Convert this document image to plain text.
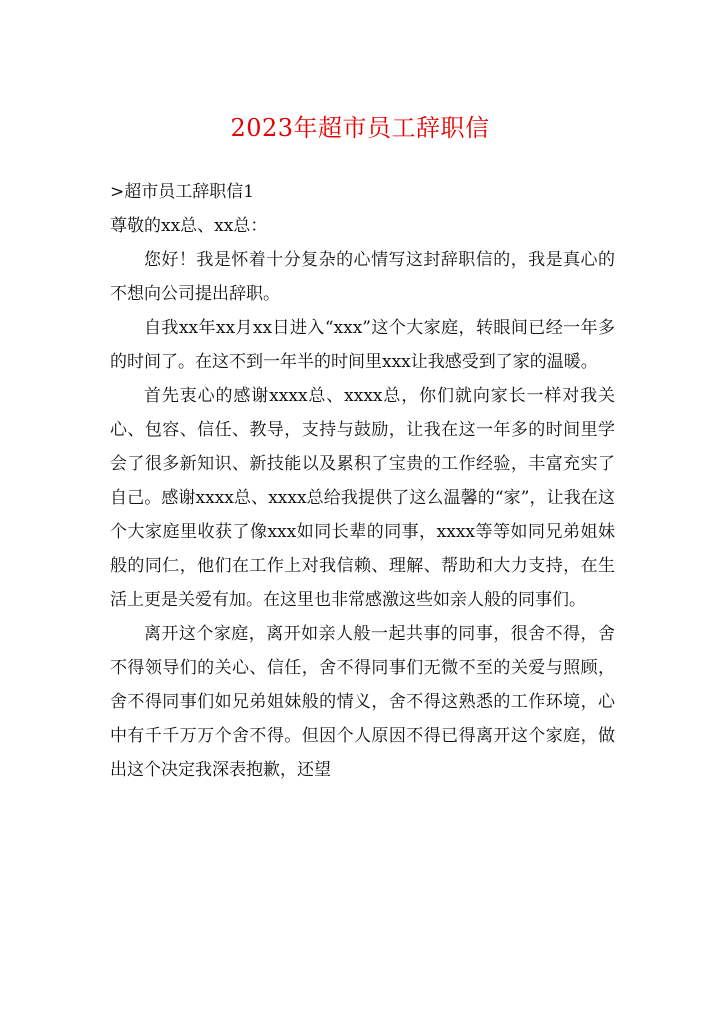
2023年超市员工辞职信

>超市员工辞职信1

尊敬的xx总、xx总：

您好！我是怀着十分复杂的心情写这封辞职信的，我是真心的不想向公司提出辞职。

自我xx年xx月xx日进入“xxx”这个大家庭，转眼间已经一年多的时间了。在这不到一年半的时间里xxx让我感受到了家的温暖。

首先衷心的感谢xxxx总、xxxx总，你们就向家长一样对我关心、包容、信任、教导，支持与鼓励，让我在这一年多的时间里学会了很多新知识、新技能以及累积了宝贵的工作经验，丰富充实了自己。感谢xxxx总、xxxx总给我提供了这么温馨的“家”，让我在这个大家庭里收获了像xxx如同长辈的同事，xxxx等等如同兄弟姐妹般的同仁，他们在工作上对我信赖、理解、帮助和大力支持，在生活上更是关爱有加。在这里也非常感激这些如亲人般的同事们。

离开这个家庭，离开如亲人般一起共事的同事，很舍不得，舍不得领导们的关心、信任，舍不得同事们无微不至的关爱与照顾，舍不得同事们如兄弟姐妹般的情义，舍不得这熟悉的工作环境，心中有千千万万个舍不得。但因个人原因不得已得离开这个家庭，做出这个决定我深表抱歉，还望
